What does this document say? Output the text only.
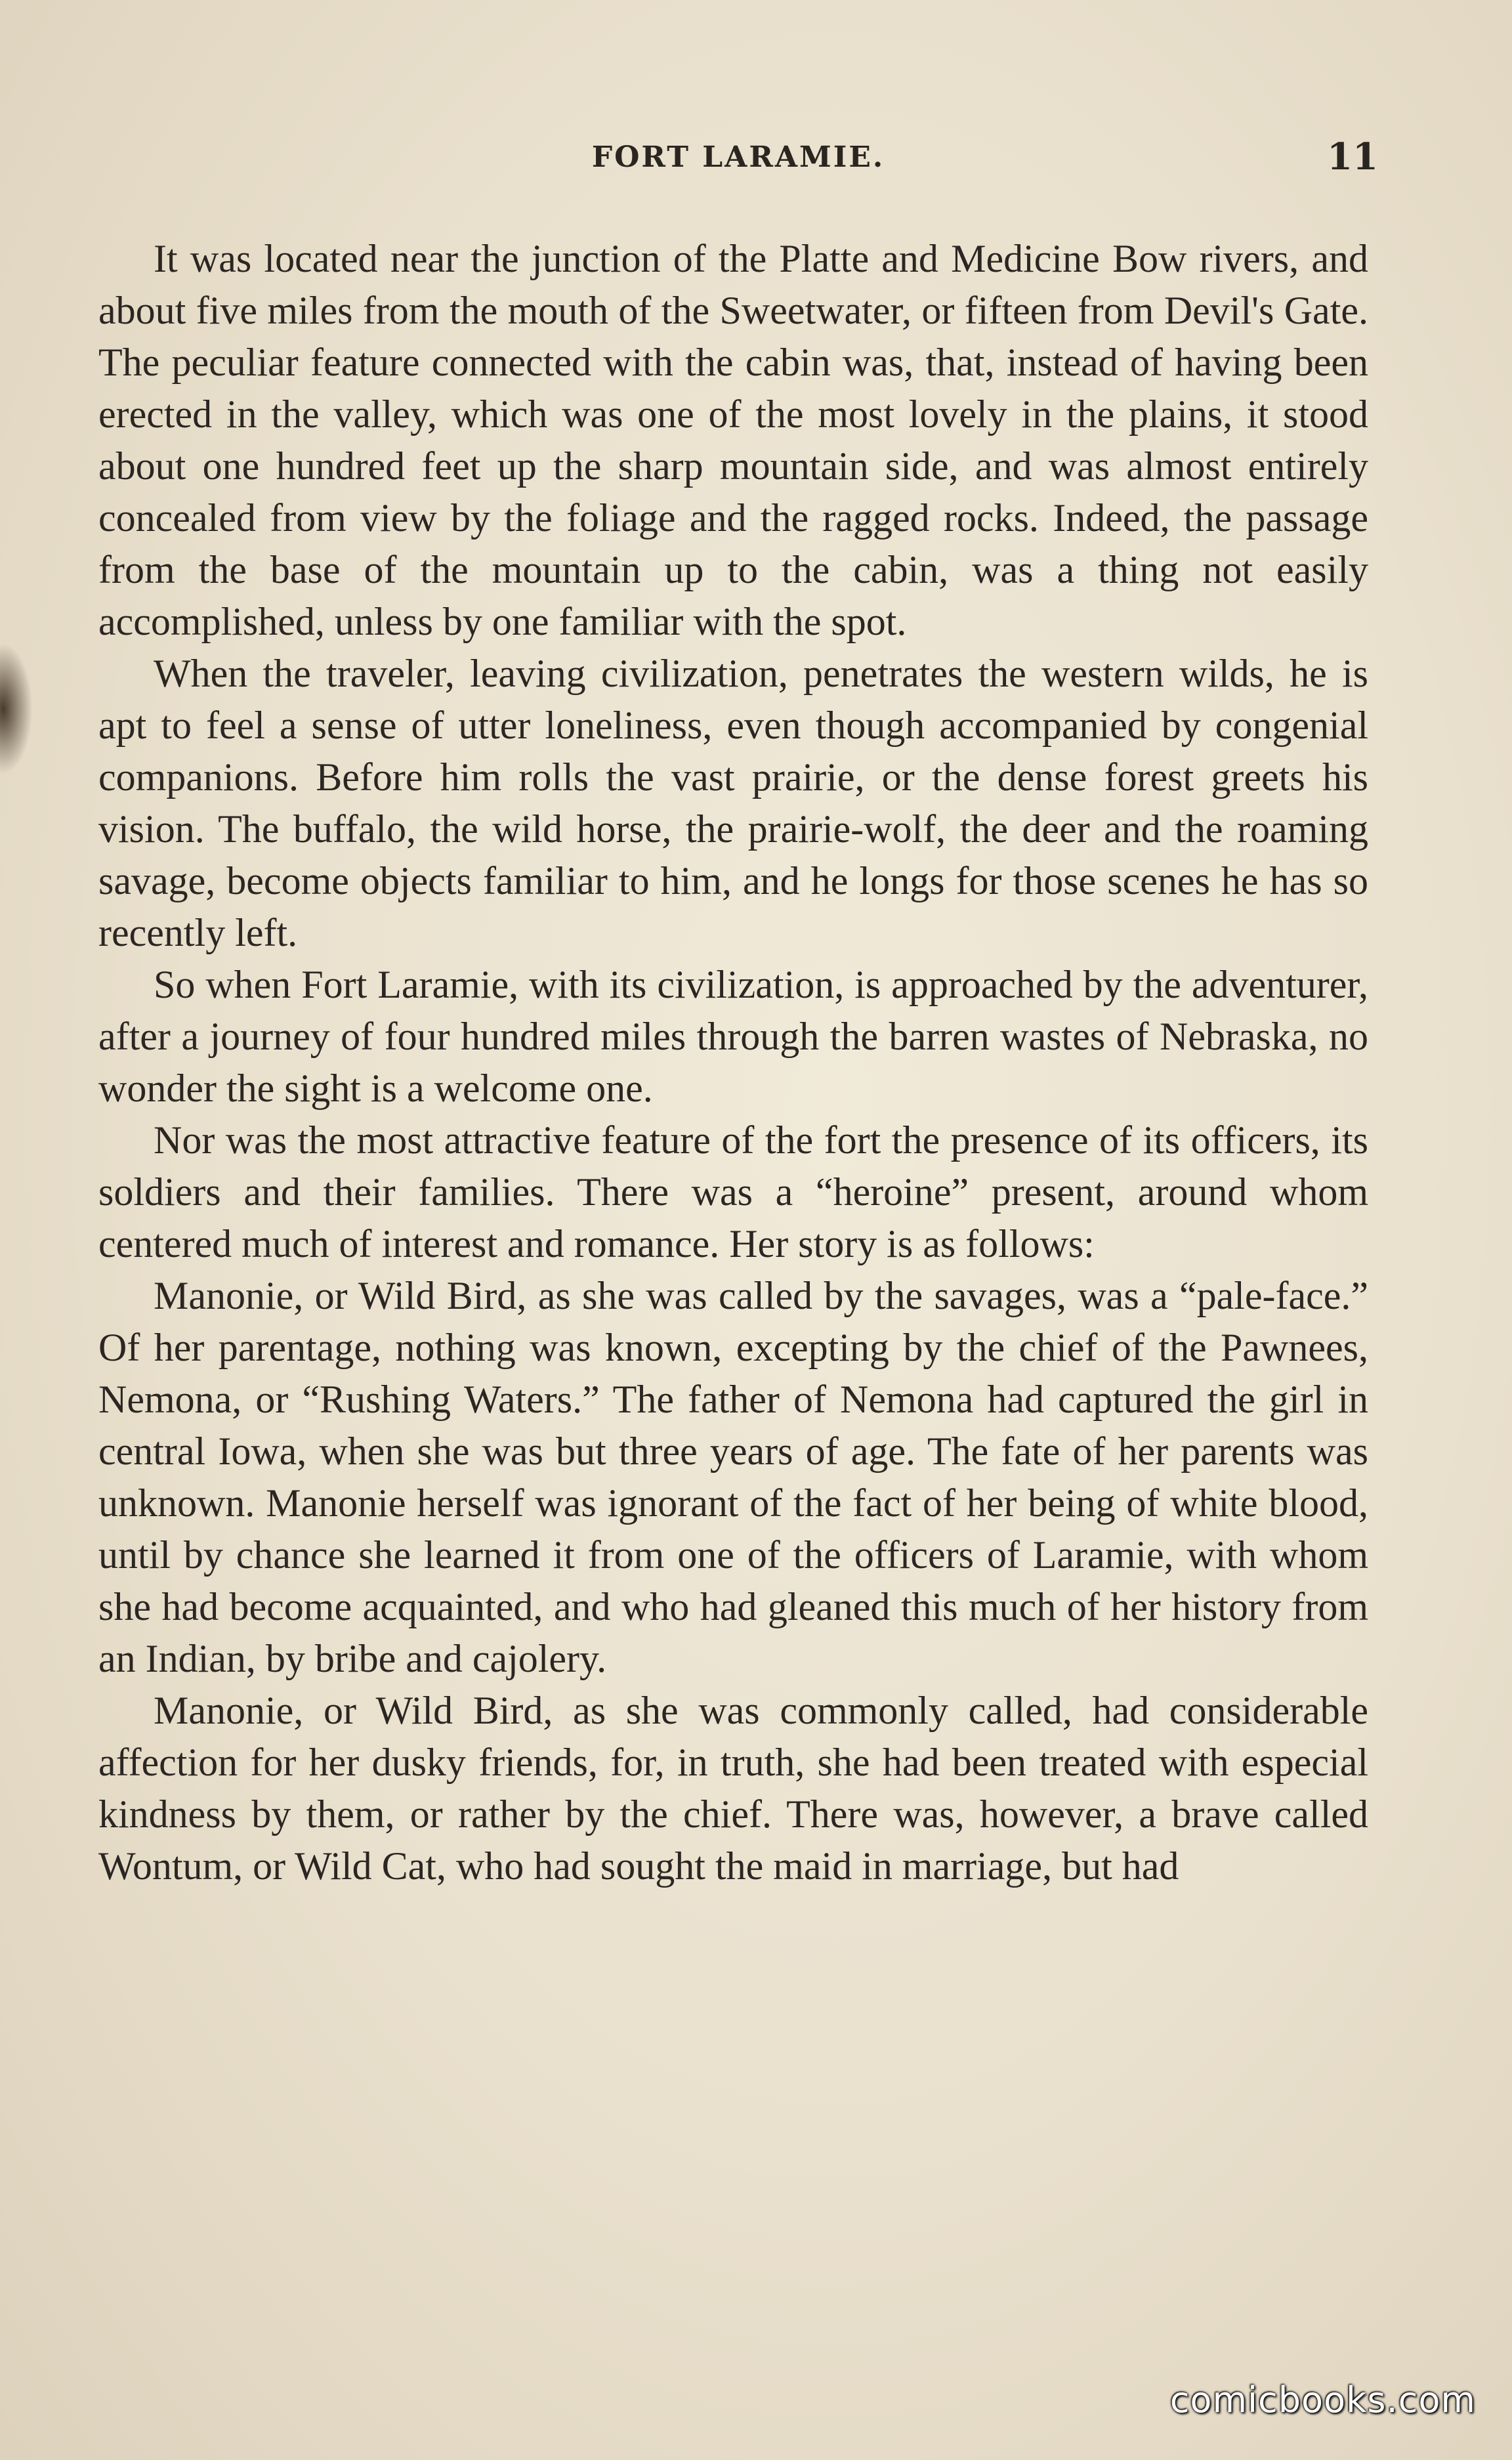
FORT LARAMIE.	11

It was located near the junction of the Platte and Medicine Bow rivers, and about five miles from the mouth of the Sweetwater, or fifteen from Devil's Gate. The peculiar feature connected with the cabin was, that, instead of having been erected in the valley, which was one of the most lovely in the plains, it stood about one hundred feet up the sharp mountain side, and was almost entirely concealed from view by the foliage and the ragged rocks. Indeed, the passage from the base of the mountain up to the cabin, was a thing not easily accomplished, unless by one familiar with the spot.

When the traveler, leaving civilization, penetrates the western wilds, he is apt to feel a sense of utter loneliness, even though accompanied by congenial companions. Before him rolls the vast prairie, or the dense forest greets his vision. The buffalo, the wild horse, the prairie-wolf, the deer and the roaming savage, become objects familiar to him, and he longs for those scenes he has so recently left.

So when Fort Laramie, with its civilization, is approached by the adventurer, after a journey of four hundred miles through the barren wastes of Nebraska, no wonder the sight is a welcome one.

Nor was the most attractive feature of the fort the presence of its officers, its soldiers and their families. There was a “heroine” present, around whom centered much of interest and romance. Her story is as follows:

Manonie, or Wild Bird, as she was called by the savages, was a “pale-face.” Of her parentage, nothing was known, excepting by the chief of the Pawnees, Nemona, or “Rushing Waters.” The father of Nemona had captured the girl in central Iowa, when she was but three years of age. The fate of her parents was unknown. Manonie herself was ignorant of the fact of her being of white blood, until by chance she learned it from one of the officers of Laramie, with whom she had become acquainted, and who had gleaned this much of her history from an Indian, by bribe and cajolery.

Manonie, or Wild Bird, as she was commonly called, had considerable affection for her dusky friends, for, in truth, she had been treated with especial kindness by them, or rather by the chief. There was, however, a brave called Wontum, or Wild Cat, who had sought the maid in marriage, but had

comicbooks.com
